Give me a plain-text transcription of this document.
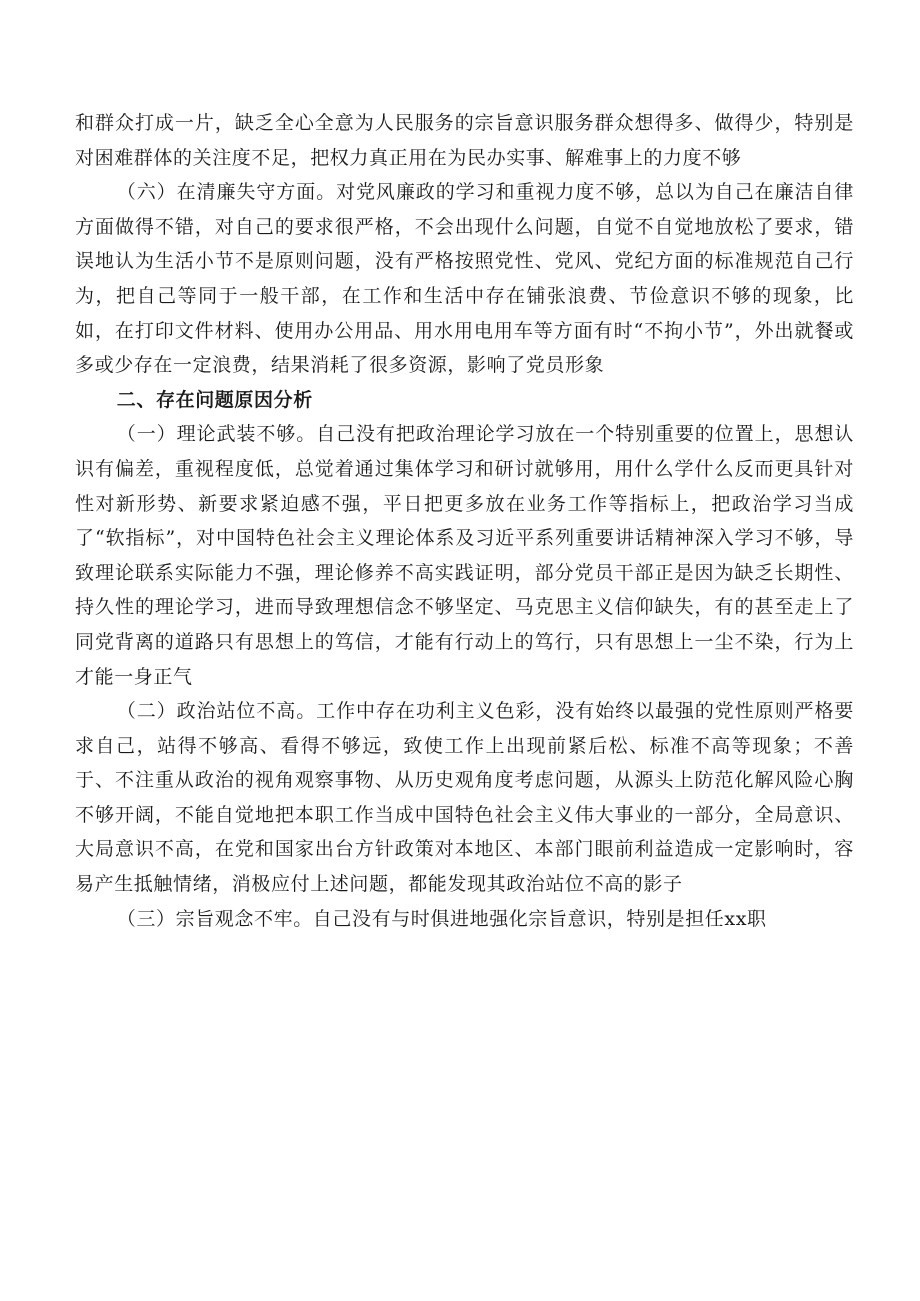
和群众打成一片，缺乏全心全意为人民服务的宗旨意识服务群众想得多、做得少，特别是对困难群体的关注度不足，把权力真正用在为民办实事、解难事上的力度不够

（六）在清廉失守方面。对党风廉政的学习和重视力度不够，总以为自己在廉洁自律方面做得不错，对自己的要求很严格，不会出现什么问题，自觉不自觉地放松了要求，错误地认为生活小节不是原则问题，没有严格按照党性、党风、党纪方面的标准规范自己行为，把自己等同于一般干部，在工作和生活中存在铺张浪费、节俭意识不够的现象，比如，在打印文件材料、使用办公用品、用水用电用车等方面有时“不拘小节”，外出就餐或多或少存在一定浪费，结果消耗了很多资源，影响了党员形象

二、存在问题原因分析

（一）理论武装不够。自己没有把政治理论学习放在一个特别重要的位置上，思想认识有偏差，重视程度低，总觉着通过集体学习和研讨就够用，用什么学什么反而更具针对性对新形势、新要求紧迫感不强，平日把更多放在业务工作等指标上，把政治学习当成了“软指标”，对中国特色社会主义理论体系及习近平系列重要讲话精神深入学习不够，导致理论联系实际能力不强，理论修养不高实践证明，部分党员干部正是因为缺乏长期性、持久性的理论学习，进而导致理想信念不够坚定、马克思主义信仰缺失，有的甚至走上了同党背离的道路只有思想上的笃信，才能有行动上的笃行，只有思想上一尘不染，行为上才能一身正气

（二）政治站位不高。工作中存在功利主义色彩，没有始终以最强的党性原则严格要求自己，站得不够高、看得不够远，致使工作上出现前紧后松、标准不高等现象；不善于、不注重从政治的视角观察事物、从历史观角度考虑问题，从源头上防范化解风险心胸不够开阔，不能自觉地把本职工作当成中国特色社会主义伟大事业的一部分，全局意识、大局意识不高，在党和国家出台方针政策对本地区、本部门眼前利益造成一定影响时，容易产生抵触情绪，消极应付上述问题，都能发现其政治站位不高的影子

（三）宗旨观念不牢。自己没有与时俱进地强化宗旨意识，特别是担任xx职
